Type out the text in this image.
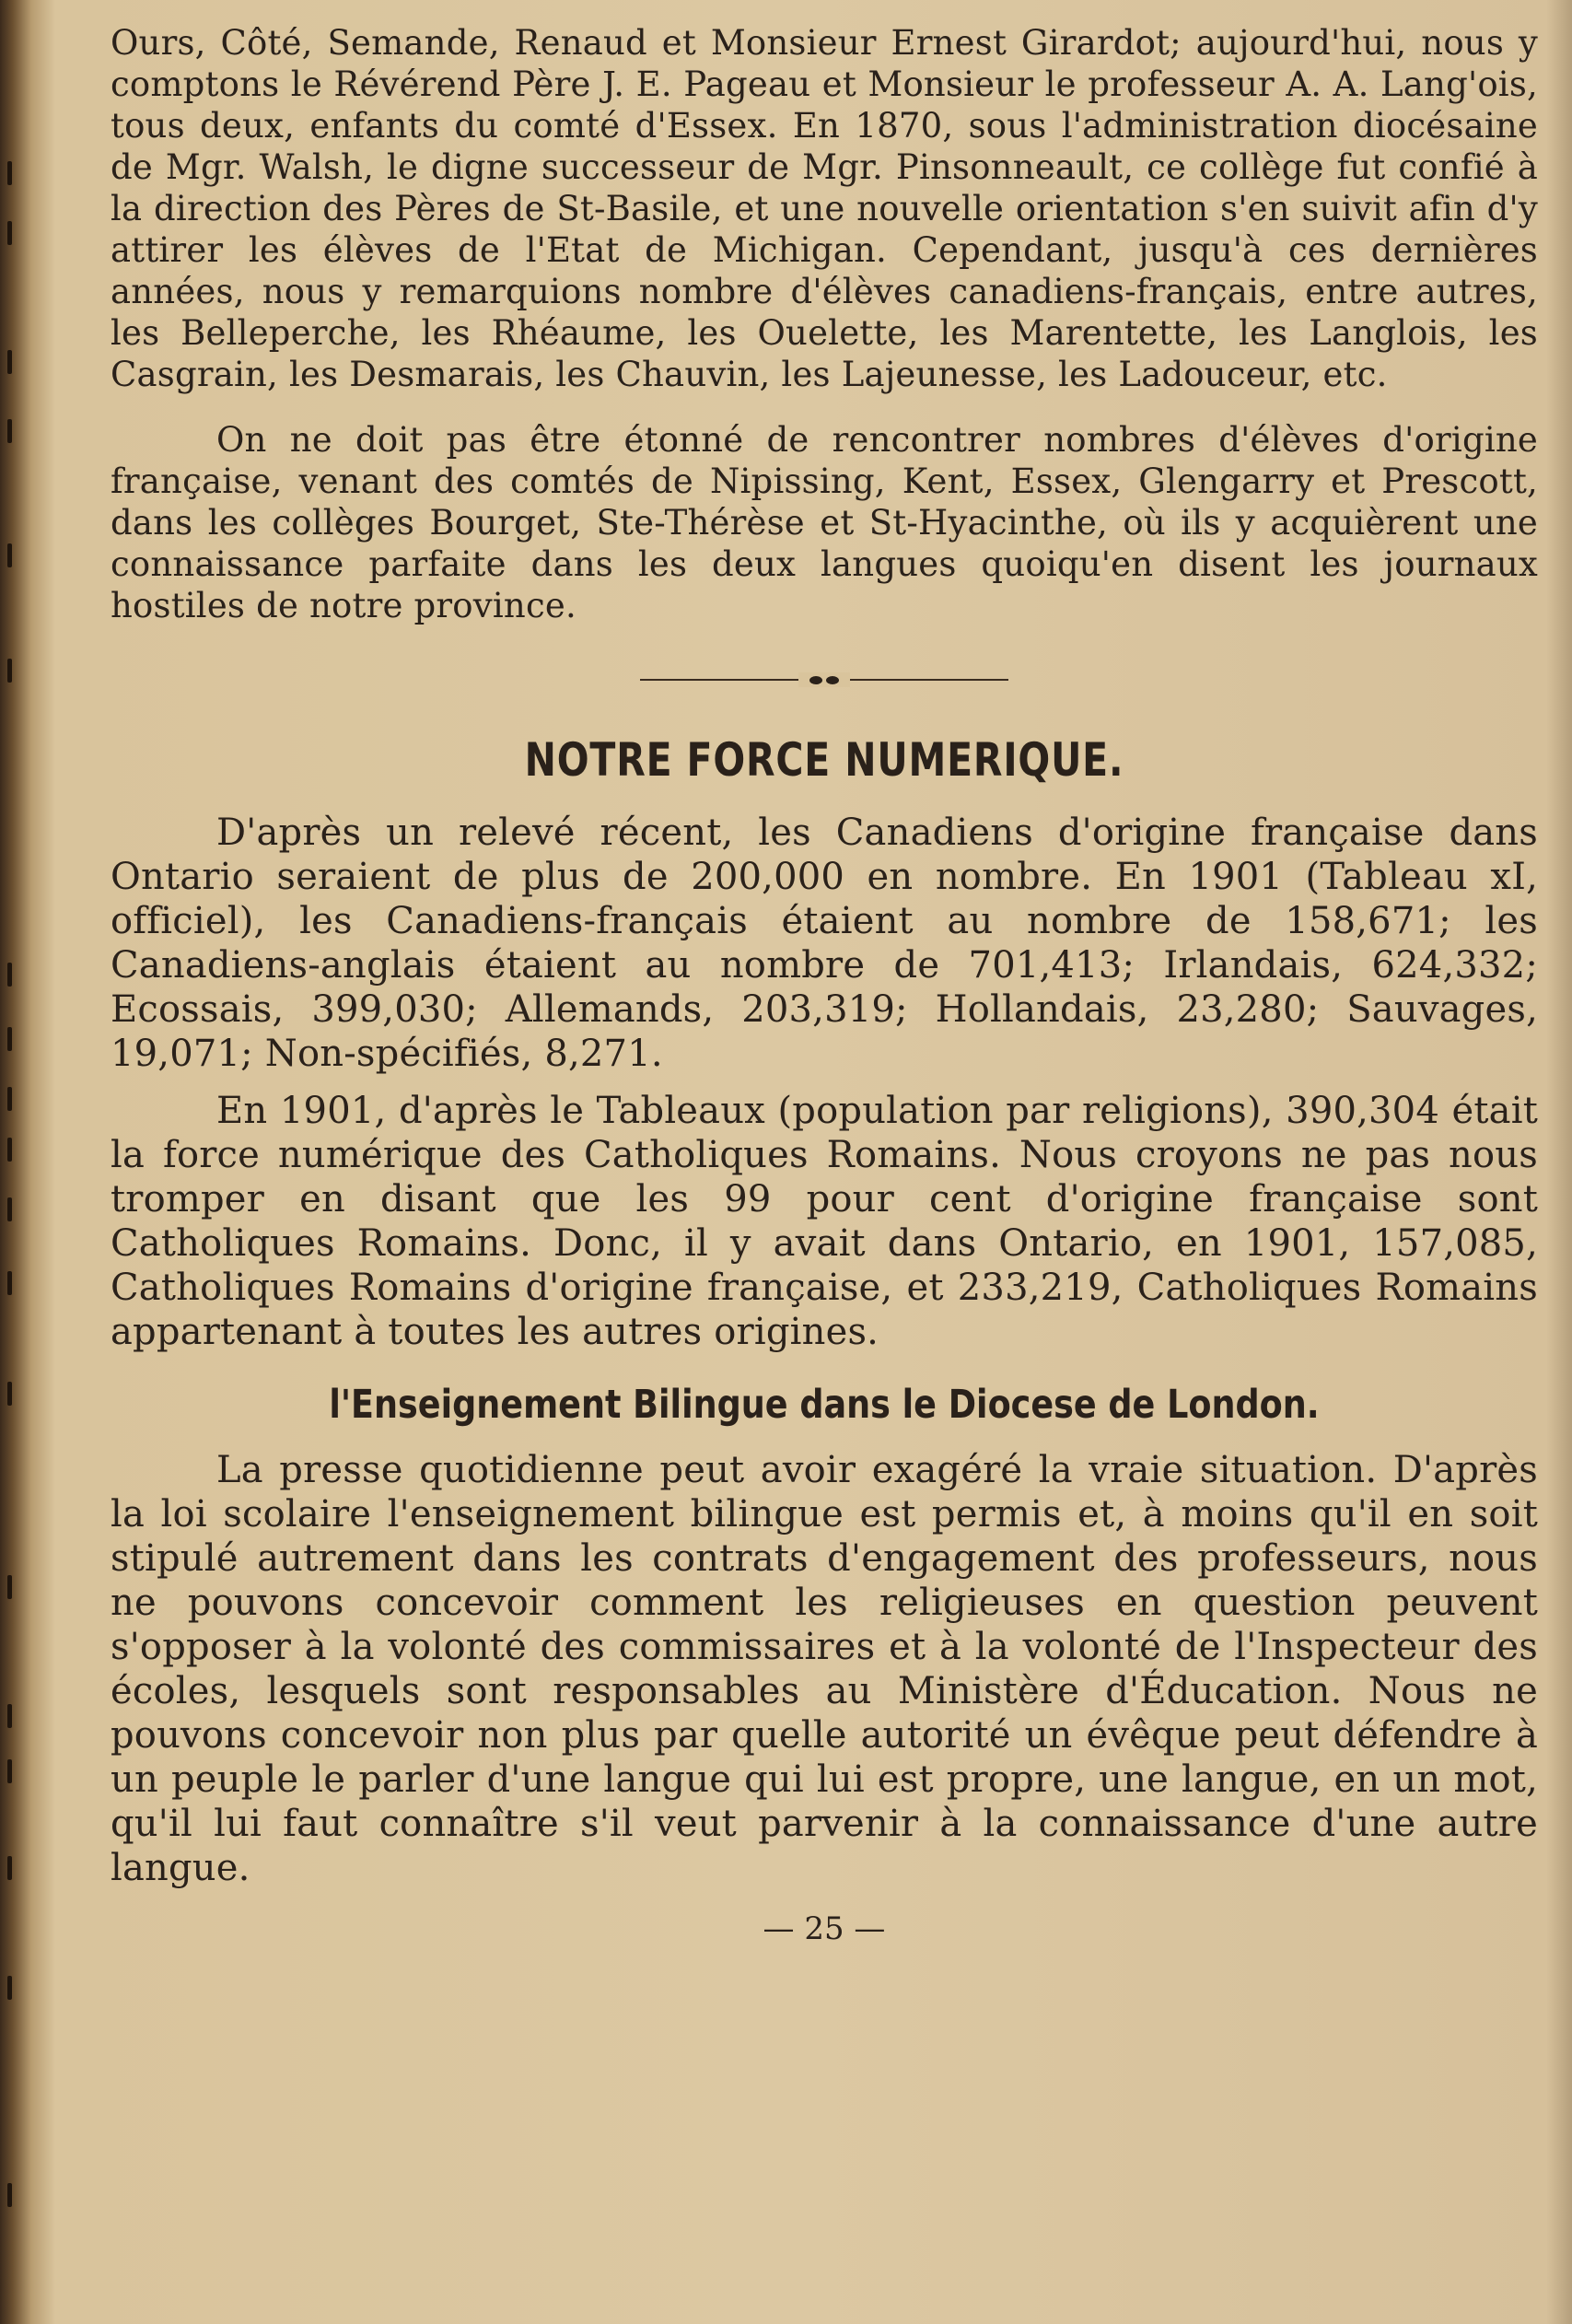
Ours, Côté, Semande, Renaud et Monsieur Ernest Girardot; aujourd'hui, nous y comptons le Révérend Père J. E. Pageau et Monsieur le professeur A. A. Lang'ois, tous deux, enfants du comté d'Essex. En 1870, sous l'administration diocésaine de Mgr. Walsh, le digne successeur de Mgr. Pinsonneault, ce collège fut confié à la direction des Pères de St-Basile, et une nouvelle orientation s'en suivit afin d'y attirer les élèves de l'Etat de Michigan. Cependant, jusqu'à ces dernières années, nous y remarquions nombre d'élèves canadiens-français, entre autres, les Belleperche, les Rhéaume, les Ouelette, les Marentette, les Langlois, les Casgrain, les Desmarais, les Chauvin, les Lajeunesse, les Ladouceur, etc.

On ne doit pas être étonné de rencontrer nombres d'élèves d'origine française, venant des comtés de Nipissing, Kent, Essex, Glengarry et Prescott, dans les collèges Bourget, Ste-Thérèse et St-Hyacinthe, où ils y acquièrent une connaissance parfaite dans les deux langues quoiqu'en disent les journaux hostiles de notre province.

NOTRE FORCE NUMERIQUE.

D'après un relevé récent, les Canadiens d'origine française dans Ontario seraient de plus de 200,000 en nombre. En 1901 (Tableau xI, officiel), les Canadiens-français étaient au nombre de 158,671; les Canadiens-anglais étaient au nombre de 701,413; Irlandais, 624,332; Ecossais, 399,030; Allemands, 203,319; Hollandais, 23,280; Sauvages, 19,071; Non-spécifiés, 8,271.

En 1901, d'après le Tableaux (population par religions), 390,304 était la force numérique des Catholiques Romains. Nous croyons ne pas nous tromper en disant que les 99 pour cent d'origine française sont Catholiques Romains. Donc, il y avait dans Ontario, en 1901, 157,085, Catholiques Romains d'origine française, et 233,219, Catholiques Romains appartenant à toutes les autres origines.

l'Enseignement Bilingue dans le Diocese de London.

La presse quotidienne peut avoir exagéré la vraie situation. D'après la loi scolaire l'enseignement bilingue est permis et, à moins qu'il en soit stipulé autrement dans les contrats d'engagement des professeurs, nous ne pouvons concevoir comment les religieuses en question peuvent s'opposer à la volonté des commissaires et à la volonté de l'Inspecteur des écoles, lesquels sont responsables au Ministère d'Éducation. Nous ne pouvons concevoir non plus par quelle autorité un évêque peut défendre à un peuple le parler d'une langue qui lui est propre, une langue, en un mot, qu'il lui faut connaître s'il veut parvenir à la connaissance d'une autre langue.

— 25 —
